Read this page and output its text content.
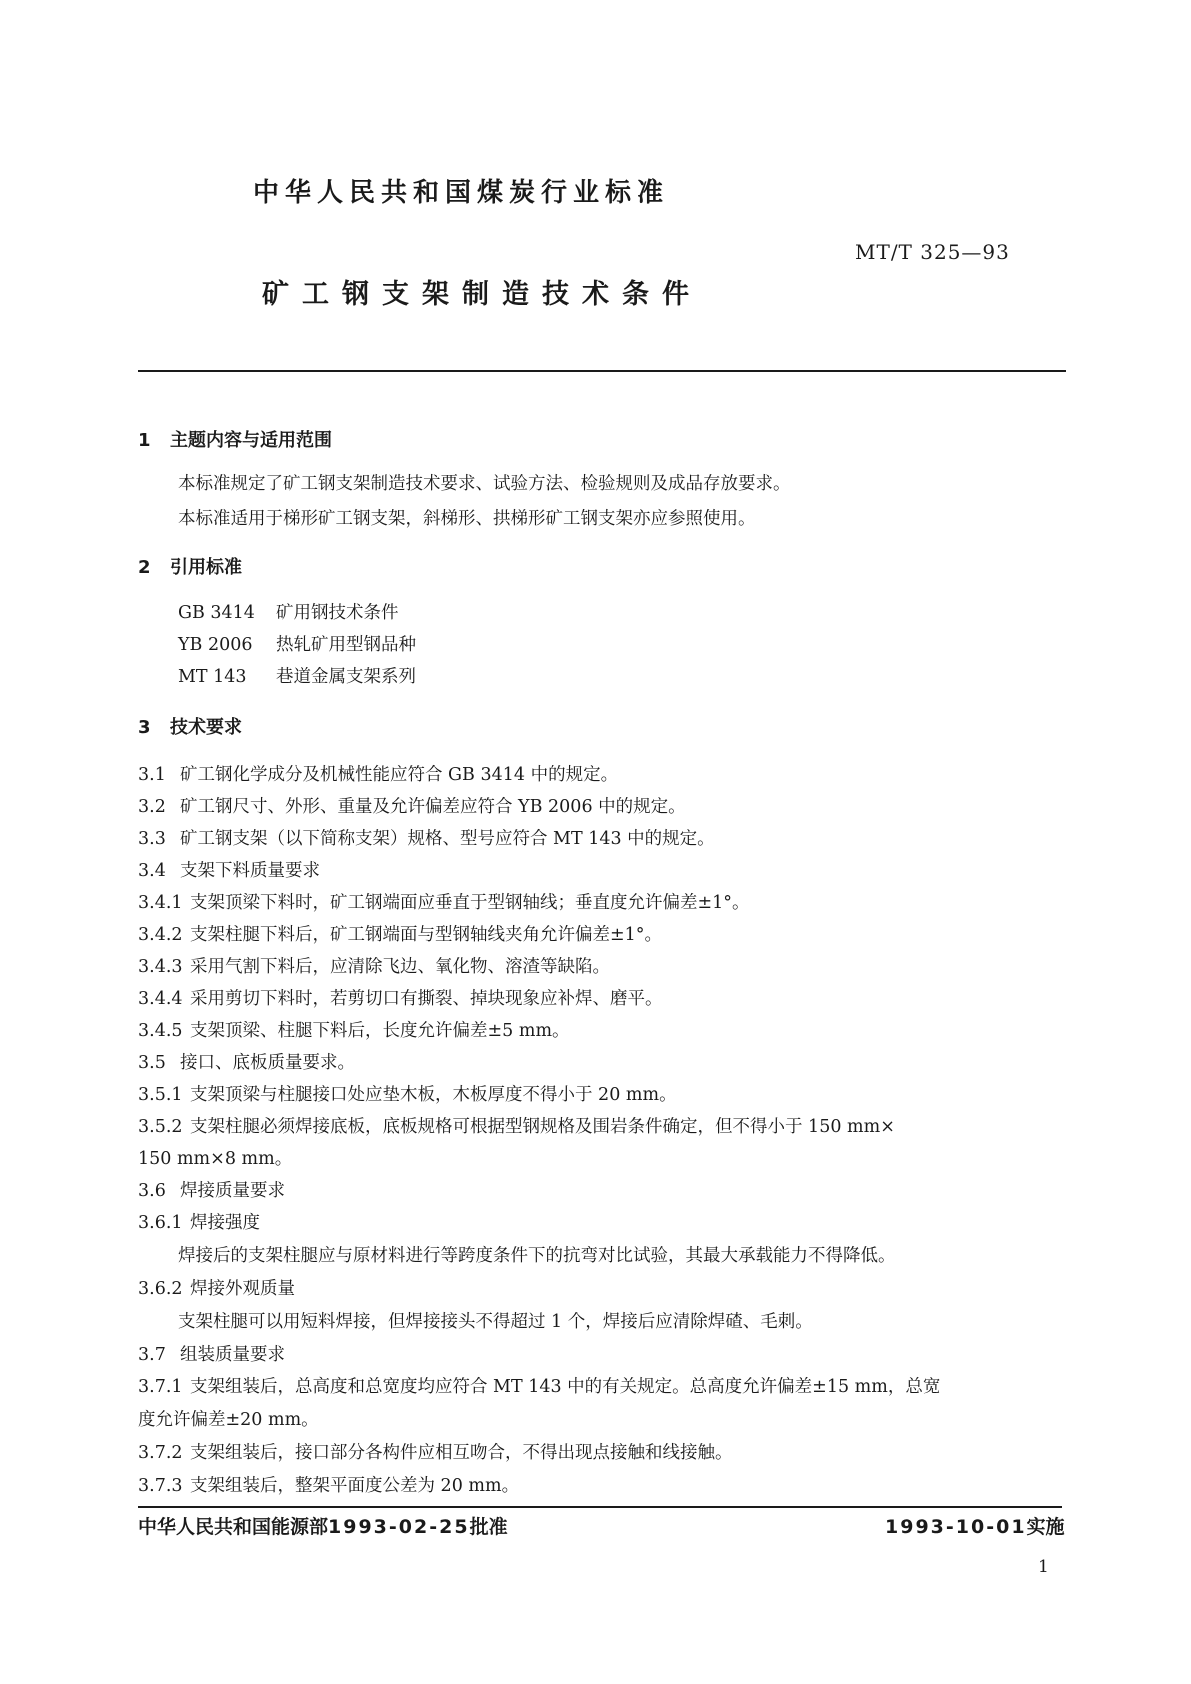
中华人民共和国煤炭行业标准
MT/T 325—93
矿工钢支架制造技术条件
1 主题内容与适用范围
本标准规定了矿工钢支架制造技术要求、试验方法、检验规则及成品存放要求。
本标准适用于梯形矿工钢支架，斜梯形、拱梯形矿工钢支架亦应参照使用。
2 引用标准
GB 3414 矿用钢技术条件
YB 2006 热轧矿用型钢品种
MT 143 巷道金属支架系列
3 技术要求
3.1 矿工钢化学成分及机械性能应符合 GB 3414 中的规定。
3.2 矿工钢尺寸、外形、重量及允许偏差应符合 YB 2006 中的规定。
3.3 矿工钢支架（以下简称支架）规格、型号应符合 MT 143 中的规定。
3.4 支架下料质量要求
3.4.1 支架顶梁下料时，矿工钢端面应垂直于型钢轴线；垂直度允许偏差±1°。
3.4.2 支架柱腿下料后，矿工钢端面与型钢轴线夹角允许偏差±1°。
3.4.3 采用气割下料后，应清除飞边、氧化物、溶渣等缺陷。
3.4.4 采用剪切下料时，若剪切口有撕裂、掉块现象应补焊、磨平。
3.4.5 支架顶梁、柱腿下料后，长度允许偏差±5 mm。
3.5 接口、底板质量要求。
3.5.1 支架顶梁与柱腿接口处应垫木板，木板厚度不得小于 20 mm。
3.5.2 支架柱腿必须焊接底板，底板规格可根据型钢规格及围岩条件确定，但不得小于 150 mm×
150 mm×8 mm。
3.6 焊接质量要求
3.6.1 焊接强度
焊接后的支架柱腿应与原材料进行等跨度条件下的抗弯对比试验，其最大承载能力不得降低。
3.6.2 焊接外观质量
支架柱腿可以用短料焊接，但焊接接头不得超过 1 个，焊接后应清除焊碴、毛刺。
3.7 组装质量要求
3.7.1 支架组装后，总高度和总宽度均应符合 MT 143 中的有关规定。总高度允许偏差±15 mm，总宽
度允许偏差±20 mm。
3.7.2 支架组装后，接口部分各构件应相互吻合，不得出现点接触和线接触。
3.7.3 支架组装后，整架平面度公差为 20 mm。
中华人民共和国能源部1993-02-25批准	1993-10-01实施
1
